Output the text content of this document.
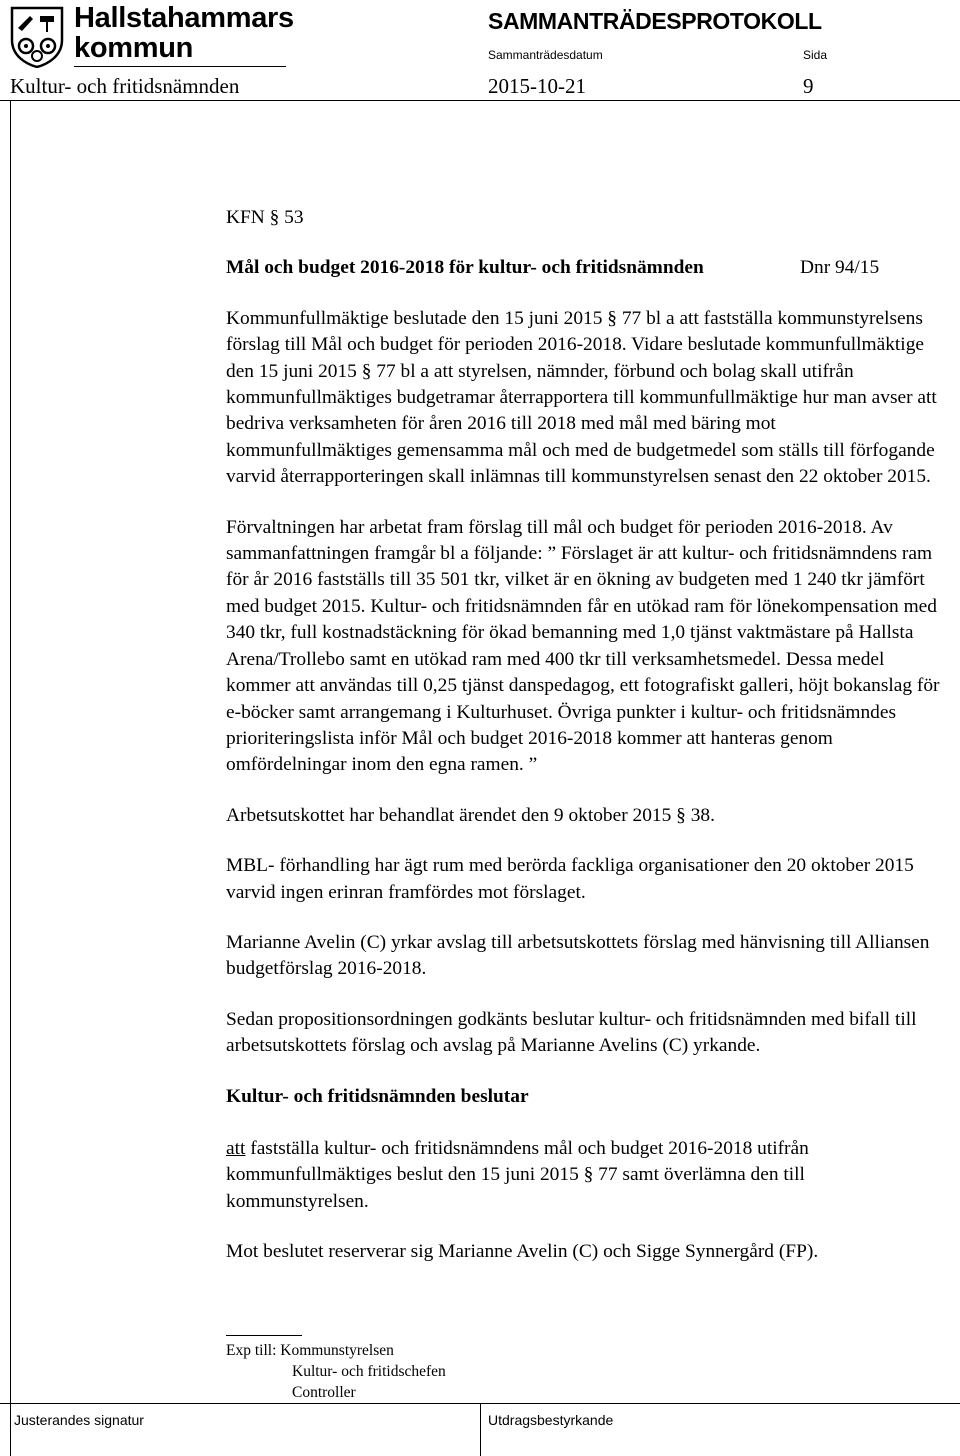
Hallstahammars
kommun
SAMMANTRÄDESPROTOKOLL
Sammanträdesdatum	Sida
Kultur- och fritidsnämnden	2015-10-21	9

KFN § 53

Mål och budget 2016-2018 för kultur- och fritidsnämnden	Dnr 94/15

Kommunfullmäktige beslutade den 15 juni 2015 § 77 bl a att fastställa kommunstyrelsens förslag till Mål och budget för perioden 2016-2018. Vidare beslutade kommunfullmäktige den 15 juni 2015 § 77 bl a att styrelsen, nämnder, förbund och bolag skall utifrån kommunfullmäktiges budgetramar återrapportera till kommunfullmäktige hur man avser att bedriva verksamheten för åren 2016 till 2018 med mål med bäring mot kommunfullmäktiges gemensamma mål och med de budgetmedel som ställs till förfogande varvid återrapporteringen skall inlämnas till kommunstyrelsen senast den 22 oktober 2015.

Förvaltningen har arbetat fram förslag till mål och budget för perioden 2016-2018. Av sammanfattningen framgår bl a följande: ” Förslaget är att kultur- och fritidsnämndens ram för år 2016 fastställs till 35 501 tkr, vilket är en ökning av budgeten med 1 240 tkr jämfört med budget 2015. Kultur- och fritidsnämnden får en utökad ram för lönekompensation med 340 tkr, full kostnadstäckning för ökad bemanning med 1,0 tjänst vaktmästare på Hallsta Arena/Trollebo samt en utökad ram med 400 tkr till verksamhetsmedel. Dessa medel kommer att användas till 0,25 tjänst danspedagog, ett fotografiskt galleri, höjt bokanslag för e-böcker samt arrangemang i Kulturhuset. Övriga punkter i kultur- och fritidsnämndes prioriteringslista inför Mål och budget 2016-2018 kommer att hanteras genom omfördelningar inom den egna ramen. ”

Arbetsutskottet har behandlat ärendet den 9 oktober 2015 § 38.

MBL- förhandling har ägt rum med berörda fackliga organisationer den 20 oktober 2015 varvid ingen erinran framfördes mot förslaget.

Marianne Avelin (C) yrkar avslag till arbetsutskottets förslag med hänvisning till Alliansen budgetförslag 2016-2018.

Sedan propositionsordningen godkänts beslutar kultur- och fritidsnämnden med bifall till arbetsutskottets förslag och avslag på Marianne Avelins (C) yrkande.

Kultur- och fritidsnämnden beslutar

att fastställa kultur- och fritidsnämndens mål och budget 2016-2018 utifrån kommunfullmäktiges beslut den 15 juni 2015 § 77 samt överlämna den till kommunstyrelsen.

Mot beslutet reserverar sig Marianne Avelin (C) och Sigge Synnergård (FP).

Exp till: Kommunstyrelsen
Kultur- och fritidschefen
Controller
Justerandes signatur	Utdragsbestyrkande
